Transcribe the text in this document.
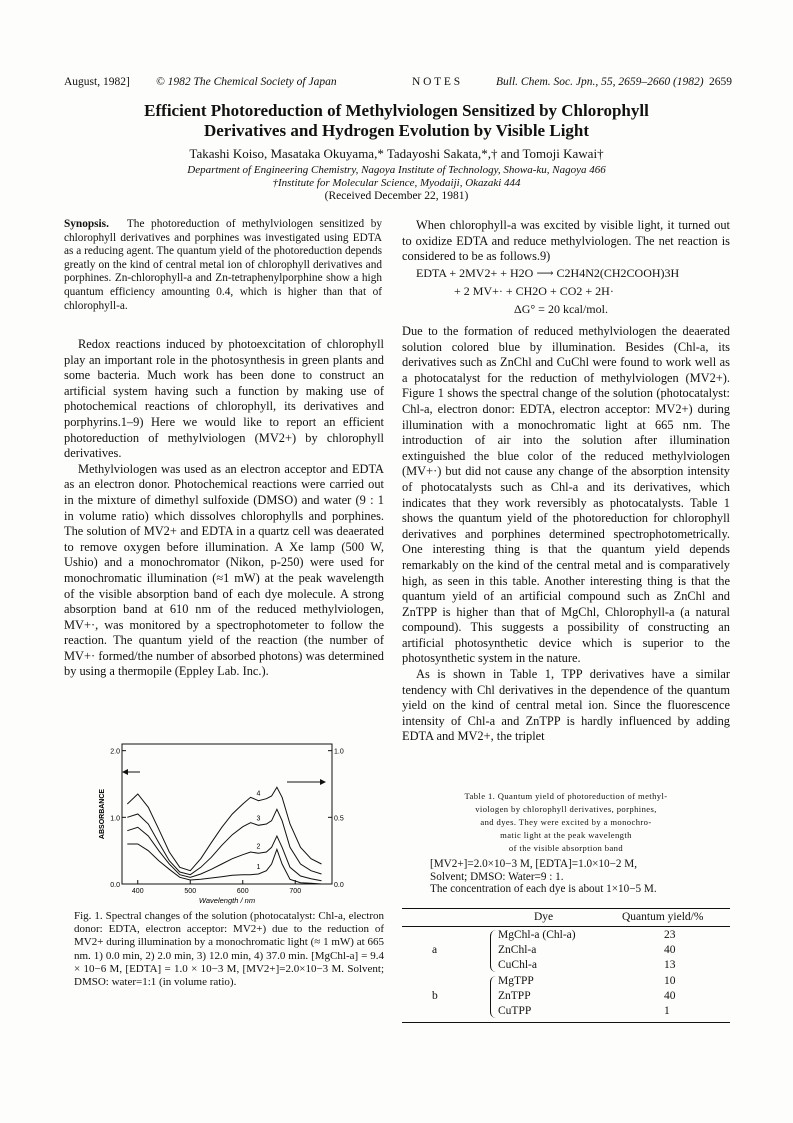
August, 1982] © 1982 The Chemical Society of Japan	N O T E S	Bull. Chem. Soc. Jpn., 55, 2659–2660 (1982) 2659
Efficient Photoreduction of Methylviologen Sensitized by Chlorophyll
Derivatives and Hydrogen Evolution by Visible Light
Takashi Koiso, Masataka Okuyama,* Tadayoshi Sakata,*,† and Tomoji Kawai†
Department of Engineering Chemistry, Nagoya Institute of Technology, Showa-ku, Nagoya 466
†Institute for Molecular Science, Myodaiji, Okazaki 444
(Received December 22, 1981)
Synopsis. The photoreduction of methylviologen sensitized by chlorophyll derivatives and porphines was investigated using EDTA as a reducing agent. The quantum yield of the photoreduction depends greatly on the kind of central metal ion of chlorophyll derivatives and porphines. Zn-chlorophyll-a and Zn-tetraphenylporphine show a high quantum efficiency amounting 0.4, which is higher than that of chlorophyll-a.

Redox reactions induced by photoexcitation of chlorophyll play an important role in the photosynthesis in green plants and some bacteria. Much work has been done to construct an artificial system having such a function by making use of photochemical reactions of chlorophyll, its derivatives and porphyrins.1–9) Here we would like to report an efficient photoreduction of methylviologen (MV2+) by chlorophyll derivatives.

Methylviologen was used as an electron acceptor and EDTA as an electron donor. Photochemical reactions were carried out in the mixture of dimethyl sulfoxide (DMSO) and water (9 : 1 in volume ratio) which dissolves chlorophylls and porphines. The solution of MV2+ and EDTA in a quartz cell was deaerated to remove oxygen before illumination. A Xe lamp (500 W, Ushio) and a monochromator (Nikon, p-250) were used for monochromatic illumination (≈1 mW) at the peak wavelength of the visible absorption band of each dye molecule. A strong absorption band at 610 nm of the reduced methylviologen, MV+·, was monitored by a spectrophotometer to follow the reaction. The quantum yield of the reaction (the number of MV+· formed/the number of absorbed photons) was determined by using a thermopile (Eppley Lab. Inc.).

2.0
1.0
0.0
1.0
0.5
0.0
400	500	600	700
1
2
3
4
ABSORBANCE
Wavelength / nm
Fig. 1. Spectral changes of the solution (photocatalyst: Chl-a, electron donor: EDTA, electron acceptor: MV2+) due to the reduction of MV2+ during illumination by a monochromatic light (≈ 1 mW) at 665 nm. 1) 0.0 min, 2) 2.0 min, 3) 12.0 min, 4) 37.0 min. [MgChl-a] = 9.4 × 10−6 M, [EDTA] = 1.0 × 10−3 M, [MV2+]=2.0×10−3 M. Solvent; DMSO: water=1:1 (in volume ratio).

When chlorophyll-a was excited by visible light, it turned out to oxidize EDTA and reduce methylviologen. The net reaction is considered to be as follows.9)

EDTA + 2MV2+ + H2O ⟶ C2H4N2(CH2COOH)3H
+ 2 MV+· + CH2O + CO2 + 2H·
ΔG° = 20 kcal/mol.

Due to the formation of reduced methylviologen the deaerated solution colored blue by illumination. Besides (Chl-a, its derivatives such as ZnChl and CuChl were found to work well as a photocatalyst for the reduction of methylviologen (MV2+). Figure 1 shows the spectral change of the solution (photocatalyst: Chl-a, electron donor: EDTA, electron acceptor: MV2+) during illumination with a monochromatic light at 665 nm. The introduction of air into the solution after illumination extinguished the blue color of the reduced methylviologen (MV+·) but did not cause any change of the absorption intensity of photocatalysts such as Chl-a and its derivatives, which indicates that they work reversibly as photocatalysts. Table 1 shows the quantum yield of the photoreduction for chlorophyll derivatives and porphines determined spectrophotometrically. One interesting thing is that the quantum yield depends remarkably on the kind of the central metal and is comparatively high, as seen in this table. Another interesting thing is that the quantum yield of an artificial compound such as ZnChl and ZnTPP is higher than that of MgChl, Chlorophyll-a (a natural compound). This suggests a possibility of constructing an artificial photosynthetic device which is superior to the photosynthetic system in the nature.

As is shown in Table 1, TPP derivatives have a similar tendency with Chl derivatives in the dependence of the quantum yield on the kind of central metal ion. Since the fluorescence intensity of Chl-a and ZnTPP is hardly influenced by adding EDTA and MV2+, the triplet

Table 1. Quantum yield of photoreduction of methyl-
viologen by chlorophyll derivatives, porphines,
and dyes. They were excited by a monochro-
matic light at the peak wavelength
of the visible absorption band
[MV2+]=2.0×10−3 M, [EDTA]=1.0×10−2 M,
Solvent; DMSO: Water=9 : 1.
The concentration of each dye is about 1×10−5 M.
Dye	Quantum yield/%
a
MgChl-a (Chl-a)	23
ZnChl-a	40
CuChl-a	13
b
MgTPP	10
ZnTPP	40
CuTPP	1
